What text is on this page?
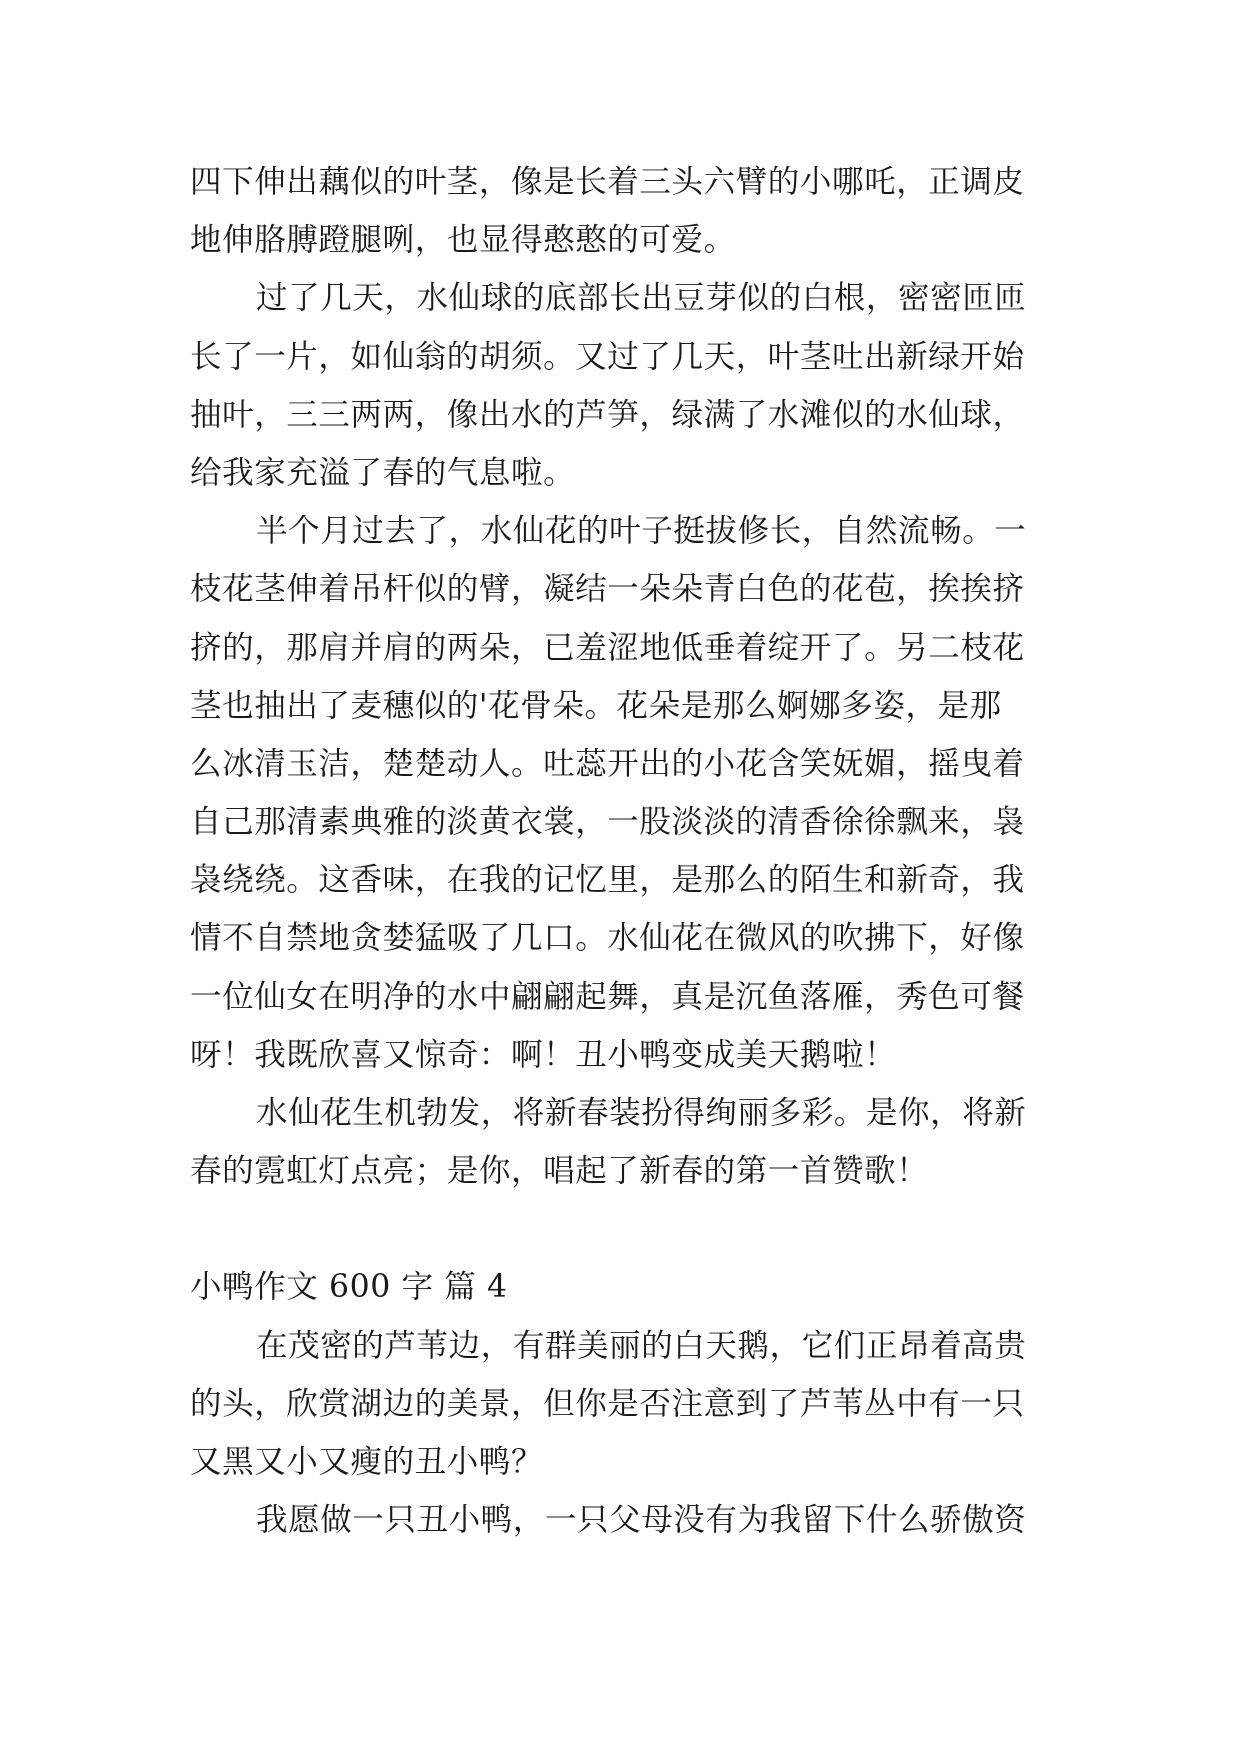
四下伸出藕似的叶茎，像是长着三头六臂的小哪吒，正调皮
地伸胳膊蹬腿咧，也显得憨憨的可爱。
过了几天，水仙球的底部长出豆芽似的白根，密密匝匝
长了一片，如仙翁的胡须。又过了几天，叶茎吐出新绿开始
抽叶，三三两两，像出水的芦笋，绿满了水滩似的水仙球，
给我家充溢了春的气息啦。
半个月过去了，水仙花的叶子挺拔修长，自然流畅。一
枝花茎伸着吊杆似的臂，凝结一朵朵青白色的花苞，挨挨挤
挤的，那肩并肩的两朵，已羞涩地低垂着绽开了。另二枝花
茎也抽出了麦穗似的'花骨朵。花朵是那么婀娜多姿，是那
么冰清玉洁，楚楚动人。吐蕊开出的小花含笑妩媚，摇曳着
自己那清素典雅的淡黄衣裳，一股淡淡的清香徐徐飘来，袅
袅绕绕。这香味，在我的记忆里，是那么的陌生和新奇，我
情不自禁地贪婪猛吸了几口。水仙花在微风的吹拂下，好像
一位仙女在明净的水中翩翩起舞，真是沉鱼落雁，秀色可餐
呀！我既欣喜又惊奇：啊！丑小鸭变成美天鹅啦！
水仙花生机勃发，将新春装扮得绚丽多彩。是你，将新
春的霓虹灯点亮；是你，唱起了新春的第一首赞歌！
小鸭作文 600 字 篇 4
在茂密的芦苇边，有群美丽的白天鹅，它们正昂着高贵
的头，欣赏湖边的美景，但你是否注意到了芦苇丛中有一只
又黑又小又瘦的丑小鸭？
我愿做一只丑小鸭，一只父母没有为我留下什么骄傲资
